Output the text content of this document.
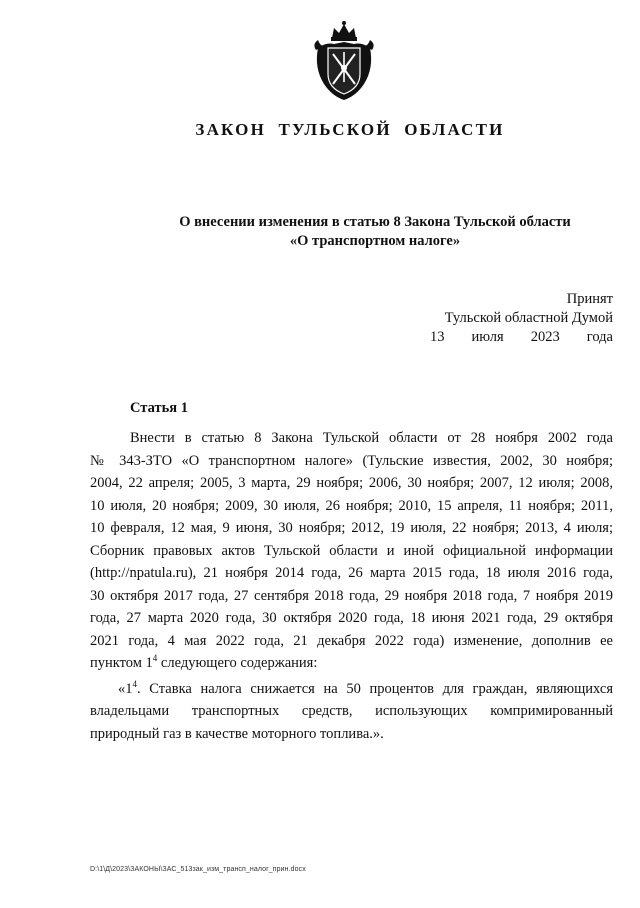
ЗАКОН ТУЛЬСКОЙ ОБЛАСТИ
О внесении изменения в статью 8 Закона Тульской области
«О транспортном налоге»
Принят
Тульской областной Думой
13 июля 2023 года
Статья 1
Внести в статью 8 Закона Тульской области от 28 ноября 2002 года
№ 343-ЗТО «О транспортном налоге» (Тульские известия, 2002, 30 ноября;
2004, 22 апреля; 2005, 3 марта, 29 ноября; 2006, 30 ноября; 2007, 12 июля; 2008,
10 июля, 20 ноября; 2009, 30 июля, 26 ноября; 2010, 15 апреля, 11 ноября; 2011,
10 февраля, 12 мая, 9 июня, 30 ноября; 2012, 19 июля, 22 ноября; 2013, 4 июля;
Сборник правовых актов Тульской области и иной официальной информации
(http://npatula.ru), 21 ноября 2014 года, 26 марта 2015 года, 18 июля 2016 года,
30 октября 2017 года, 27 сентября 2018 года, 29 ноября 2018 года, 7 ноября 2019
года, 27 марта 2020 года, 30 октября 2020 года, 18 июня 2021 года, 29 октября
2021 года, 4 мая 2022 года, 21 декабря 2022 года) изменение, дополнив ее
пунктом $1^4$ следующего содержания:
«$1^4$. Ставка налога снижается на 50 процентов для граждан, являющихся
владельцами транспортных средств, использующих компримированный
природный газ в качестве моторного топлива.».
D:\1\Д\2023\ЗАКОНЫ\ЗАС_513зак_изм_трансп_налог_прин.docx
